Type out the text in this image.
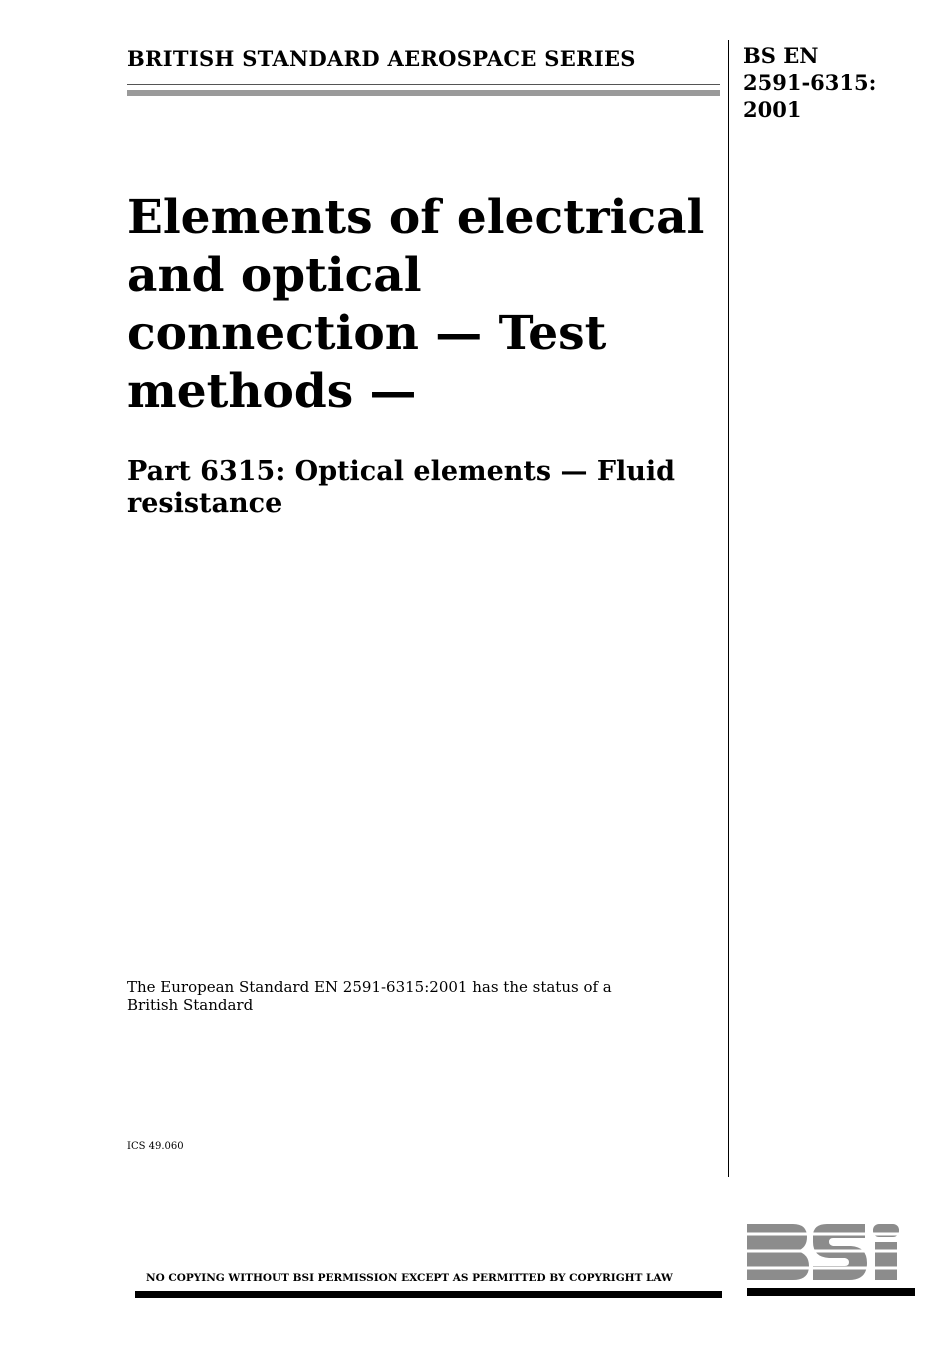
BRITISH STANDARD AEROSPACE SERIES	BS EN
2591-6315:
2001
Elements of electrical
and optical
connection — Test
methods —
Part 6315: Optical elements — Fluid
resistance
The European Standard EN 2591-6315:2001 has the status of a
British Standard
ICS 49.060
NO COPYING WITHOUT BSI PERMISSION EXCEPT AS PERMITTED BY COPYRIGHT LAW
